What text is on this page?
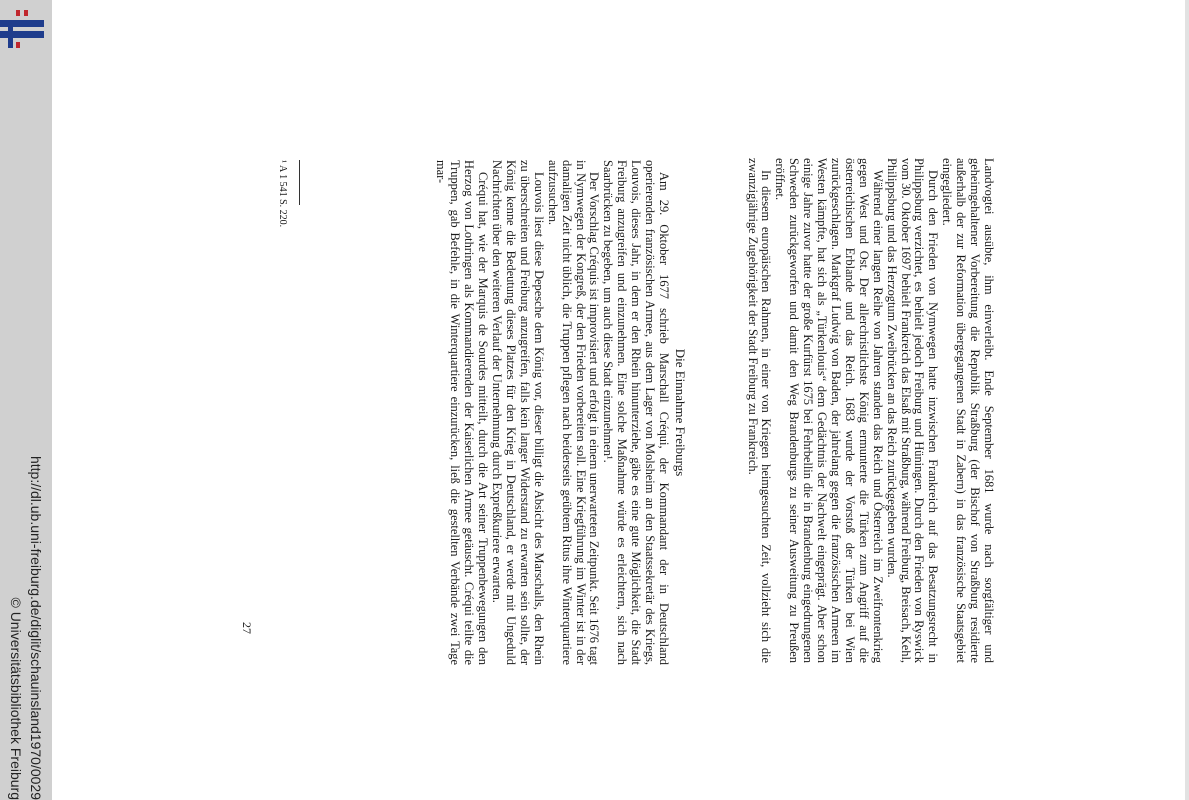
http://dl.ub.uni-freiburg.de/diglit/schauinsland1970/0029
© Universitätsbibliothek Freiburg

Landvogtei ausübte, ihm einverleibt. Ende September 1681 wurde nach sorgfältiger und geheimgehaltener Vorbereitung die Republik Straßburg (der Bischof von Straßburg residierte außerhalb der zur Reformation übergegangenen Stadt in Zabern) in das französische Staatsgebiet eingegliedert.

Durch den Frieden von Nymwegen hatte inzwischen Frankreich auf das Besatzungsrecht in Philippsburg verzichtet, es behielt jedoch Freiburg und Hüningen. Durch den Frieden von Ryswick vom 30. Oktober 1697 behielt Frankreich das Elsaß mit Straßburg, während Freiburg, Breisach, Kehl, Philippsburg und das Herzogtum Zweibrücken an das Reich zurückgegeben wurden.

Während einer langen Reihe von Jahren standen das Reich und Österreich im Zweifrontenkrieg gegen West und Ost. Der allerchristlichste König ermunterte die Türken zum Angriff auf die österreichischen Erblande und das Reich. 1683 wurde der Vorstoß der Türken bei Wien zurückgeschlagen. Markgraf Ludwig von Baden, der jahrelang gegen die französischen Armeen im Westen kämpfte, hat sich als „Türkenlouis“ dem Gedächtnis der Nachwelt eingeprägt. Aber schon einige Jahre zuvor hatte der große Kurfürst 1675 bei Fehrbellin die in Brandenburg eingedrungenen Schweden zurückgeworfen und damit den Weg Brandenburgs zu seiner Ausweitung zu Preußen eröffnet.

In diesem europäischen Rahmen, in einer von Kriegen heimgesuchten Zeit, vollzieht sich die zwanzigjährige Zugehörigkeit der Stadt Freiburg zu Frankreich.

Die Einnahme Freiburgs

Am 29. Oktober 1677 schrieb Marschall Créqui, der Kommandant der in Deutschland operierenden französischen Armee, aus dem Lager von Molsheim an den Staatssekretär des Kriegs, Louvois, dieses Jahr, in dem er den Rhein hinunterziehe, gäbe es eine gute Möglichkeit, die Stadt Freiburg anzugreifen und einzunehmen. Eine solche Maßnahme würde es erleichtern, sich nach Saarbrücken zu begeben, um auch diese Stadt einzunehmen¹.

Der Vorschlag Créquis ist improvisiert und erfolgt in einem unerwarteten Zeitpunkt. Seit 1676 tagt in Nymwegen der Kongreß, der den Frieden vorbereiten soll. Eine Kriegführung im Winter ist in der damaligen Zeit nicht üblich, die Truppen pflegen nach beiderseits geübtem Ritus ihre Winterquartiere aufzusuchen.

Louvois liest diese Depesche dem König vor, dieser billigt die Absicht des Marschalls, den Rhein zu überschreiten und Freiburg anzugreifen, falls kein langer Widerstand zu erwarten sein sollte, der König kenne die Bedeutung dieses Platzes für den Krieg in Deutschland, er werde mit Ungeduld Nachrichten über den weiteren Verlauf der Unternehmung durch Expreßkuriere erwarten.

Créqui hat, wie der Marquis de Sourdes mitteilt, durch die Art seiner Truppenbewegungen den Herzog von Lothringen als Kommandierenden der Kaiserlichen Armee getäuscht. Créqui teilte die Truppen, gab Befehle, in die Winterquartiere einzurücken, ließ die gestellten Verbände zwei Tage mar-

¹ A 1 541 S. 220.
27
